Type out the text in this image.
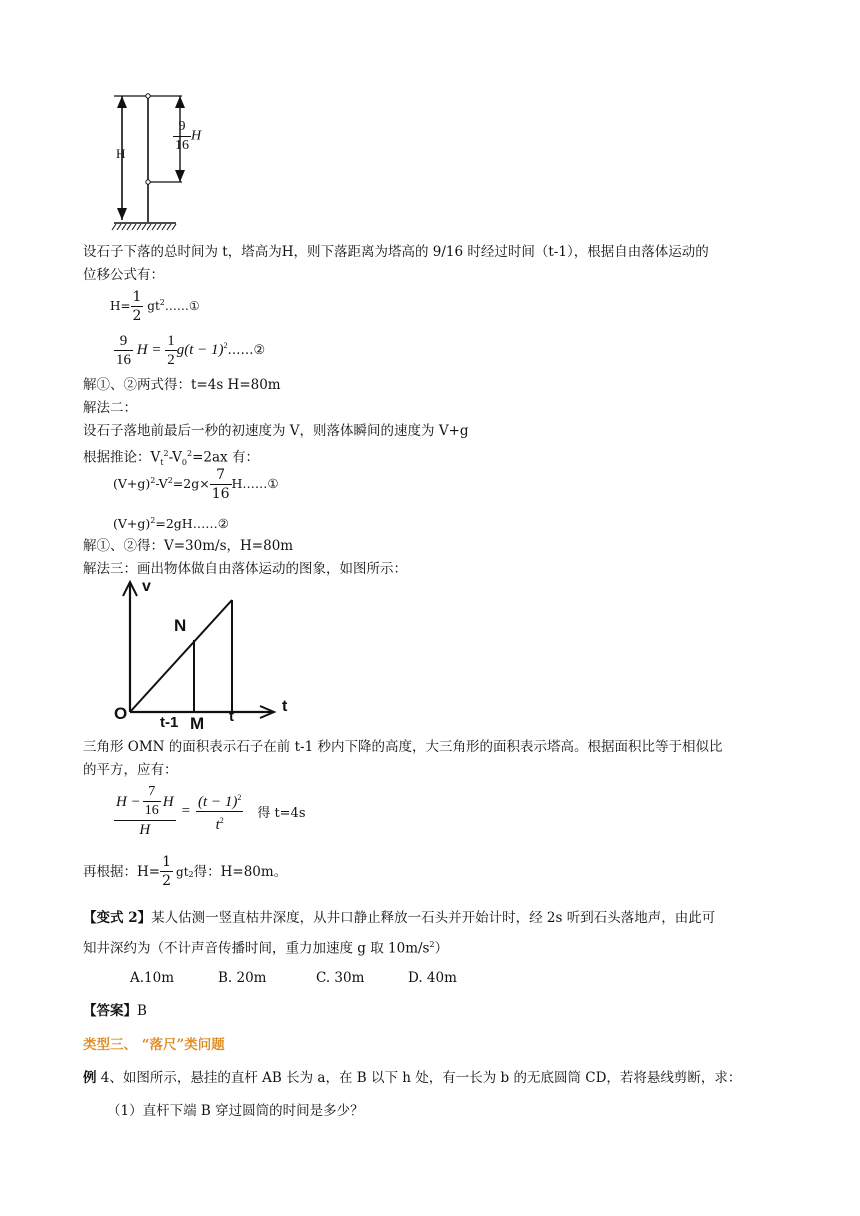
H	$\frac{9}{16}$ H
设石子下落的总时间为 t，塔高为H，则下落距离为塔高的 9/16 时经过时间（t-1），根据自由落体运动的
位移公式有：
$H= \frac{1}{2}$ $gt^2\dots\dots ①$
$\frac{9}{16}$ $H = \frac{1}{2} g(t$ − $1)^2\dots\dots ②$
解①、②两式得：t=4s H=80m
解法二：
设石子落地前最后一秒的初速度为 V，则落体瞬间的速度为 V+g
根据推论：$V_t^2-V_0^2=2ax$ 有：
$(V+g)^2-V^2=2g\times \frac{7}{16}$ H……①
$(V+g)^2=2gH\dots\dots ②$
解①、②得：V=30m/s，H=80m
解法三：画出物体做自由落体运动的图象，如图所示：
v
N
t
O t-1 M t
三角形 OMN 的面积表示石子在前 t-1 秒内下降的高度，大三角形的面积表示塔高。根据面积比等于相似比
的平方，应有：
$\frac{H - \frac{7}{16} H}{H} = \frac{(t - 1)^2}{t^2}$ 得 t=4s
再根据：$H= \frac{1}{2} gt_2$ 得：H=80m。
【变式 2】某人估测一竖直枯井深度，从井口静止释放一石头并开始计时，经 2s 听到石头落地声，由此可
知井深约为（不计声音传播时间，重力加速度 g 取 $10m/s^2$）
A.10m	B. 20m	C. 30m	D. 40m
【答案】B
类型三、 “落尺”类问题
例 4、如图所示，悬挂的直杆 AB 长为 a，在 B 以下 h 处，有一长为 b 的无底圆筒 CD，若将悬线剪断，求：
（1）直杆下端 B 穿过圆筒的时间是多少？
